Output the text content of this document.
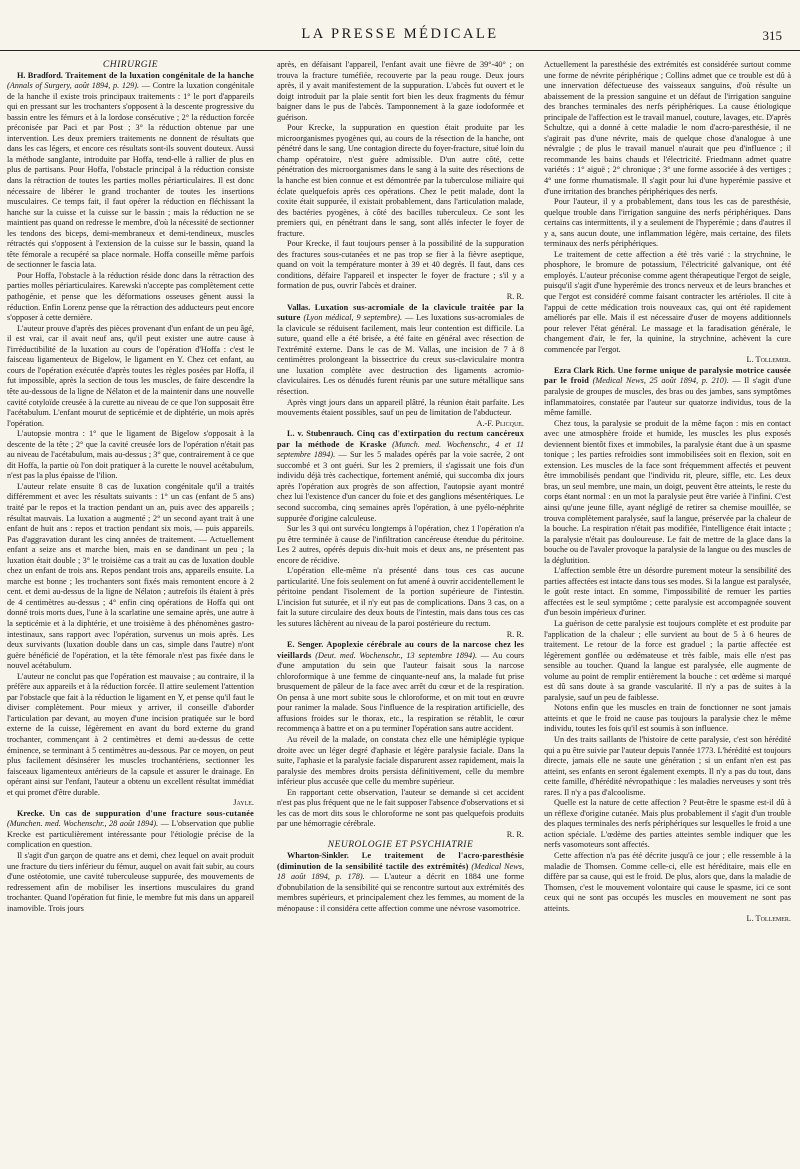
LA PRESSE MÉDICALE	315

CHIRURGIE

H. Bradford. Traitement de la luxation congénitale de la hanche (Annals of Surgery, août 1894, p. 129). — Contre la luxation congénitale de la hanche il existe trois principaux traitements : 1° le port d'appareils qui en pressant sur les trochanters s'opposent à la descente progressive du bassin entre les fémurs et à la lordose consécutive ; 2° la réduction forcée préconisée par Paci et par Post ; 3° la réduction obtenue par une intervention. Les deux premiers traitements ne donnent de résultats que dans les cas légers, et encore ces résultats sont-ils souvent douteux. Aussi la méthode sanglante, introduite par Hoffa, tend-elle à rallier de plus en plus de partisans. Pour Hoffa, l'obstacle principal à la réduction consiste dans la rétraction de toutes les parties molles périarticulaires. Il est donc nécessaire de libérer le grand trochanter de toutes les insertions musculaires. Ce temps fait, il faut opérer la réduction en fléchissant la hanche sur la cuisse et la cuisse sur le bassin ; mais la réduction ne se maintient pas quand on redresse le membre, d'où la nécessité de sectionner les tendons des biceps, demi-membraneux et demi-tendineux, muscles rétractés qui s'opposent à l'extension de la cuisse sur le bassin, quand la tête fémorale a recupéré sa place normale. Hoffa conseille même parfois de sectionner le fascia lata.

Pour Hoffa, l'obstacle à la réduction réside donc dans la rétraction des parties molles périarticulaires. Karewski n'accepte pas complètement cette pathogénie, et pense que les déformations osseuses gênent aussi la réduction. Enfin Lorenz pense que la rétraction des adducteurs peut encore s'opposer à cette dernière.

L'auteur prouve d'après des pièces provenant d'un enfant de un peu âgé, il est vrai, car il avait neuf ans, qu'il peut exister une autre cause à l'irréductibilité de la luxation au cours de l'opération d'Hoffa : c'est le faisceau ligamenteux de Bigelow, le ligament en Y. Chez cet enfant, au cours de l'opération exécutée d'après toutes les règles posées par Hoffa, il fut impossible, après la section de tous les muscles, de faire descendre la tête au-dessous de la ligne de Nélaton et de la maintenir dans une nouvelle cavité cotyloïde creusée à la curette au niveau de ce que l'on supposait être l'acétabulum. L'enfant mourut de septicémie et de diphtérie, un mois après l'opération.

L'autopsie montra : 1° que le ligament de Bigelow s'opposait à la descente de la tête ; 2° que la cavité creusée lors de l'opération n'était pas au niveau de l'acétabulum, mais au-dessus ; 3° que, contrairement à ce que dit Hoffa, la partie où l'on doit pratiquer à la curette le nouvel acétabulum, n'est pas la plus épaisse de l'ilion.

L'auteur relate ensuite 8 cas de luxation congénitale qu'il a traités différemment et avec les résultats suivants : 1° un cas (enfant de 5 ans) traité par le repos et la traction pendant un an, puis avec des appareils ; résultat mauvais. La luxation a augmenté ; 2° un second ayant trait à une enfant de huit ans : repos et traction pendant six mois, — puis appareils. Pas d'aggravation durant les cinq années de traitement. — Actuellement enfant a seize ans et marche bien, mais en se dandinant un peu ; la luxation était double ; 3° le troisième cas a trait au cas de luxation double chez un enfant de trois ans. Repos pendant trois ans, appareils ensuite. La marche est bonne ; les trochanters sont fixés mais remontent encore à 2 cent. et demi au-dessus de la ligne de Nélaton ; autrefois ils étaient à près de 4 centimètres au-dessus ; 4° enfin cinq opérations de Hoffa qui ont donné trois morts dues, l'une à la scarlatine une semaine après, une autre à la septicémie et à la diphtérie, et une troisième à des phénomènes gastro-intestinaux, sans rapport avec l'opération, survenus un mois après. Les deux survivants (luxation double dans un cas, simple dans l'autre) n'ont guère bénéficié de l'opération, et la tête fémorale n'est pas fixée dans le nouvel acétabulum.

L'auteur ne conclut pas que l'opération est mauvaise ; au contraire, il la préfère aux appareils et à la réduction forcée. Il attire seulement l'attention par l'obstacle que fait à la réduction le ligament en Y, et pense qu'il faut le diviser complètement. Pour mieux y arriver, il conseille d'aborder l'articulation par devant, au moyen d'une incision pratiquée sur le bord externe de la cuisse, légèrement en avant du bord externe du grand trochanter, commençant à 2 centimètres et demi au-dessus de cette éminence, se terminant à 5 centimètres au-dessous. Par ce moyen, on peut plus facilement désinsérer les muscles trochantériens, sectionner les faisceaux ligamenteux antérieurs de la capsule et assurer le drainage. En opérant ainsi sur l'enfant, l'auteur a obtenu un excellent résultat immédiat et qui promet d'être durable.

Jayle.

Krecke. Un cas de suppuration d'une fracture sous-cutanée (Munchen. med. Wochenschr., 28 août 1894). — L'observation que publie Krecke est particulièrement intéressante pour l'étiologie précise de la complication en question.

Il s'agit d'un garçon de quatre ans et demi, chez lequel on avait produit une fracture du tiers inférieur du fémur, auquel on avait fait subir, au cours d'une ostéotomie, une cavité tuberculeuse suppurée, des mouvements de redressement afin de mobiliser les insertions musculaires du grand trochanter. Quand l'opération fut finie, le membre fut mis dans un appareil inamovible. Trois jours

après, en défaisant l'appareil, l'enfant avait une fièvre de 39°-40° ; on trouva la fracture tuméfiée, recouverte par la peau rouge. Deux jours après, il y avait manifestement de la suppuration. L'abcès fut ouvert et le doigt introduit par la plaie sentit fort bien les deux fragments du fémur baigner dans le pus de l'abcès. Tamponnement à la gaze iodoformée et guérison.

Pour Krecke, la suppuration en question était produite par les microorganismes pyogènes qui, au cours de la résection de la hanche, ont pénétré dans le sang. Une contagion directe du foyer-fracture, situé loin du champ opératoire, n'est guère admissible. D'un autre côté, cette pénétration des microorganismes dans le sang à la suite des résections de la hanche est bien connue et est démontrée par la tuberculose miliaire qui éclate quelquefois après ces opérations. Chez le petit malade, dont la coxite était suppurée, il existait probablement, dans l'articulation malade, des bactéries pyogènes, à côté des bacilles tuberculeux. Ce sont les premiers qui, en pénétrant dans le sang, sont allés infecter le foyer de fracture.

Pour Krecke, il faut toujours penser à la possibilité de la suppuration des fractures sous-cutanées et ne pas trop se fier à la fièvre aseptique, quand on voit la température monter à 39 et 40 degrés. Il faut, dans ces conditions, défaire l'appareil et inspecter le foyer de fracture ; s'il y a formation de pus, ouvrir l'abcès et drainer.

R. R.

Vallas. Luxation sus-acromiale de la clavicule traitée par la suture (Lyon médical, 9 septembre). — Les luxations sus-acromiales de la clavicule se réduisent facilement, mais leur contention est difficile. La suture, quand elle a été brisée, a été faite en général avec résection de l'extrémité externe. Dans le cas de M. Vallas, une incision de 7 à 8 centimètres prolongeant la bissectrice du creux sus-claviculaire montra une luxation complète avec destruction des ligaments acromio-claviculaires. Les os dénudés furent réunis par une suture métallique sans résection.

Après vingt jours dans un appareil plâtré, la réunion était parfaite. Les mouvements étaient possibles, sauf un peu de limitation de l'abducteur.

A.-F. Plicque.

L. v. Stubenrauch. Cinq cas d'extirpation du rectum cancéreux par la méthode de Kraske (Munch. med. Wochenschr., 4 et 11 septembre 1894). — Sur les 5 malades opérés par la voie sacrée, 2 ont succombé et 3 ont guéri. Sur les 2 premiers, il s'agissait une fois d'un individu déjà très cachectique, fortement anémié, qui succomba dix jours après l'opération aux progrès de son affection, l'autopsie ayant montré chez lui l'existence d'un cancer du foie et des ganglions mésentériques. Le second succomba, cinq semaines après l'opération, à une pyélo-néphrite suppurée d'origine calculeuse.

Sur les 3 qui ont survécu longtemps à l'opération, chez 1 l'opération n'a pu être terminée à cause de l'infiltration cancéreuse étendue du péritoine. Les 2 autres, opérés depuis dix-huit mois et deux ans, ne présentent pas encore de récidive.

L'opération elle-même n'a présenté dans tous ces cas aucune particularité. Une fois seulement on fut amené à ouvrir accidentellement le péritoine pendant l'isolement de la portion supérieure de l'intestin. L'incision fut suturée, et il n'y eut pas de complications. Dans 3 cas, on a fait la suture circulaire des deux bouts de l'intestin, mais dans tous ces cas les sutures lâchèrent au niveau de la paroi postérieure du rectum.

R. R.

E. Senger. Apoplexie cérébrale au cours de la narcose chez les vieillards (Deut. med. Wochenschr., 13 septembre 1894). — Au cours d'une amputation du sein que l'auteur faisait sous la narcose chloroformique à une femme de cinquante-neuf ans, la malade fut prise brusquement de pâleur de la face avec arrêt du cœur et de la respiration. On pensa à une mort subite sous le chloroforme, et on mit tout en œuvre pour ranimer la malade. Sous l'influence de la respiration artificielle, des affusions froides sur le thorax, etc., la respiration se rétablit, le cœur recommença à battre et on a pu terminer l'opération sans autre accident.

Au réveil de la malade, on constata chez elle une hémiplégie typique droite avec un léger degré d'aphasie et légère paralysie faciale. Dans la suite, l'aphasie et la paralysie faciale disparurent assez rapidement, mais la paralysie des membres droits persista définitivement, celle du membre inférieur plus accusée que celle du membre supérieur.

En rapportant cette observation, l'auteur se demande si cet accident n'est pas plus fréquent que ne le fait supposer l'absence d'observations et si les cas de mort dits sous le chloroforme ne sont pas quelquefois produits par une hémorragie cérébrale.

R. R.

NEUROLOGIE ET PSYCHIATRIE

Wharton-Sinkler. Le traitement de l'acro-paresthésie (diminution de la sensibilité tactile des extrémités) (Medical News, 18 août 1894, p. 178). — L'auteur a décrit en 1884 une forme d'obnubilation de la sensibilité qui se rencontre surtout aux extrémités des membres supérieurs, et principalement chez les femmes, au moment de la ménopause : il considéra cette affection comme une névrose vasomotrice.

Actuellement la paresthésie des extrémités est considérée surtout comme une forme de névrite périphérique ; Collins admet que ce trouble est dû à une innervation défectueuse des vaisseaux sanguins, d'où résulte un abaissement de la pression sanguine et un défaut de l'irrigation sanguine des branches terminales des nerfs périphériques. La cause étiologique principale de l'affection est le travail manuel, couture, lavages, etc. D'après Schultze, qui a donné à cette maladie le nom d'acro-paresthésie, il ne s'agirait pas d'une névrite, mais de quelque chose d'analogue à une névralgie ; de plus le travail manuel n'aurait que peu d'influence ; il recommande les bains chauds et l'électricité. Friedmann admet quatre variétés : 1° aiguë ; 2° chronique ; 3° une forme associée à des vertiges ; 4° une forme rhumatismale. Il s'agit pour lui d'une hyperémie passive et d'une irritation des branches périphériques des nerfs.

Pour l'auteur, il y a probablement, dans tous les cas de paresthésie, quelque trouble dans l'irrigation sanguine des nerfs périphériques. Dans certains cas intermittents, il y a seulement de l'hyperémie ; dans d'autres il y a, sans aucun doute, une inflammation légère, mais certaine, des filets terminaux des nerfs périphériques.

Le traitement de cette affection a été très varié : la strychnine, le phosphore, le bromure de potassium, l'électricité galvanique, ont été employés. L'auteur préconise comme agent thérapeutique l'ergot de seigle, puisqu'il s'agit d'une hyperémie des troncs nerveux et de leurs branches et que l'ergot est considéré comme faisant contracter les artérioles. Il cite à l'appui de cette médication trois nouveaux cas, qui ont été rapidement améliorés par elle. Mais il est nécessaire d'user de moyens additionnels pour relever l'état général. Le massage et la faradisation générale, le changement d'air, le fer, la quinine, la strychnine, achèvent la cure commencée par l'ergot.

L. Tollemer.

Ezra Clark Rich. Une forme unique de paralysie motrice causée par le froid (Medical News, 25 août 1894, p. 210). — Il s'agit d'une paralysie de groupes de muscles, des bras ou des jambes, sans symptômes inflammatoires, constatée par l'auteur sur quatorze individus, tous de la même famille.

Chez tous, la paralysie se produit de la même façon : mis en contact avec une atmosphère froide et humide, les muscles les plus exposés deviennent bientôt fixes et immobiles, la paralysie étant due à un spasme tonique ; les parties refroidies sont immobilisées soit en flexion, soit en extension. Les muscles de la face sont fréquemment affectés et peuvent être immobilisés pendant que l'individu rit, pleure, siffle, etc. Les deux bras, un seul membre, une main, un doigt, peuvent être atteints, le reste du corps étant normal : en un mot la paralysie peut être variée à l'infini. C'est ainsi qu'une jeune fille, ayant négligé de retirer sa chemise mouillée, se trouva complètement paralysée, sauf la langue, préservée par la chaleur de la bouche. La respiration n'était pas modifiée, l'intelligence était intacte ; la paralysie n'était pas douloureuse. Le fait de mettre de la glace dans la bouche ou de l'avaler provoque la paralysie de la langue ou des muscles de la déglutition.

L'affection semble être un désordre purement moteur la sensibilité des parties affectées est intacte dans tous ses modes. Si la langue est paralysée, le goût reste intact. En somme, l'impossibilité de remuer les parties affectées est le seul symptôme ; cette paralysie est accompagnée souvent d'un besoin impérieux d'uriner.

La guérison de cette paralysie est toujours complète et est produite par l'application de la chaleur ; elle survient au bout de 5 à 6 heures de traitement. Le retour de la force est graduel ; la partie affectée est légèrement gonflée ou œdémateuse et très faible, mais elle n'est pas sensible au toucher. Quand la langue est paralysée, elle augmente de volume au point de remplir entièrement la bouche : cet œdème si marqué est dû sans doute à sa grande vascularité. Il n'y a pas de suites à la paralysie, sauf un peu de faiblesse.

Notons enfin que les muscles en train de fonctionner ne sont jamais atteints et que le froid ne cause pas toujours la paralysie chez le même individu, toutes les fois qu'il est soumis à son influence.

Un des traits saillants de l'histoire de cette paralysie, c'est son hérédité qui a pu être suivie par l'auteur depuis l'année 1773. L'hérédité est toujours directe, jamais elle ne saute une génération ; si un enfant n'en est pas atteint, ses enfants en seront également exempts. Il n'y a pas du tout, dans cette famille, d'hérédité névropathique : les maladies nerveuses y sont très rares. Il n'y a pas d'alcoolisme.

Quelle est la nature de cette affection ? Peut-être le spasme est-il dû à un réflexe d'origine cutanée. Mais plus probablement il s'agit d'un trouble des plaques terminales des nerfs périphériques sur lesquelles le froid a une action spéciale. L'œdème des parties atteintes semble indiquer que les nerfs vasomoteurs sont affectés.

Cette affection n'a pas été décrite jusqu'à ce jour ; elle ressemble à la maladie de Thomsen. Comme celle-ci, elle est héréditaire, mais elle en diffère par sa cause, qui est le froid. De plus, alors que, dans la maladie de Thomsen, c'est le mouvement volontaire qui cause le spasme, ici ce sont ceux qui ne sont pas occupés les muscles en mouvement ne sont pas atteints.

L. Tollemer.
